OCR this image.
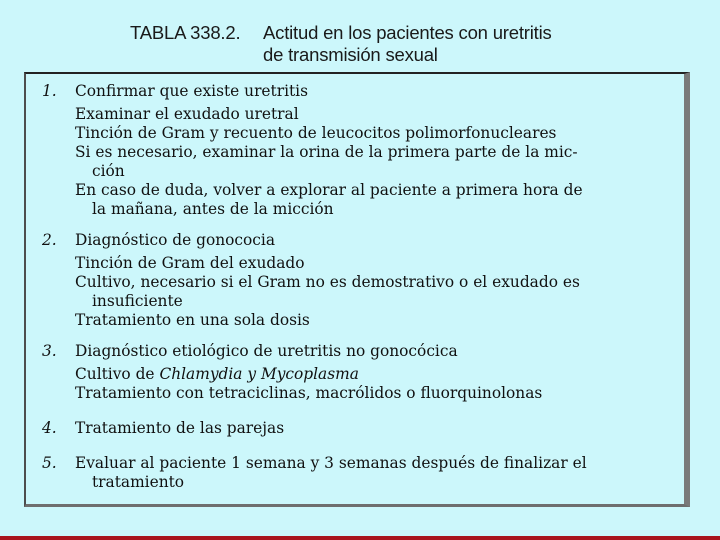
TABLA 338.2. Actitud en los pacientes con uretritis
de transmisión sexual
1. Confirmar que existe uretritis
Examinar el exudado uretral
Tinción de Gram y recuento de leucocitos polimorfonucleares
Si es necesario, examinar la orina de la primera parte de la mic-
ción
En caso de duda, volver a explorar al paciente a primera hora de
la mañana, antes de la micción
2. Diagnóstico de gonococia
Tinción de Gram del exudado
Cultivo, necesario si el Gram no es demostrativo o el exudado es
insuficiente
Tratamiento en una sola dosis
3. Diagnóstico etiológico de uretritis no gonocócica
Cultivo de Chlamydia y Mycoplasma
Tratamiento con tetraciclinas, macrólidos o fluorquinolonas
4. Tratamiento de las parejas
5. Evaluar al paciente 1 semana y 3 semanas después de finalizar el
tratamiento
